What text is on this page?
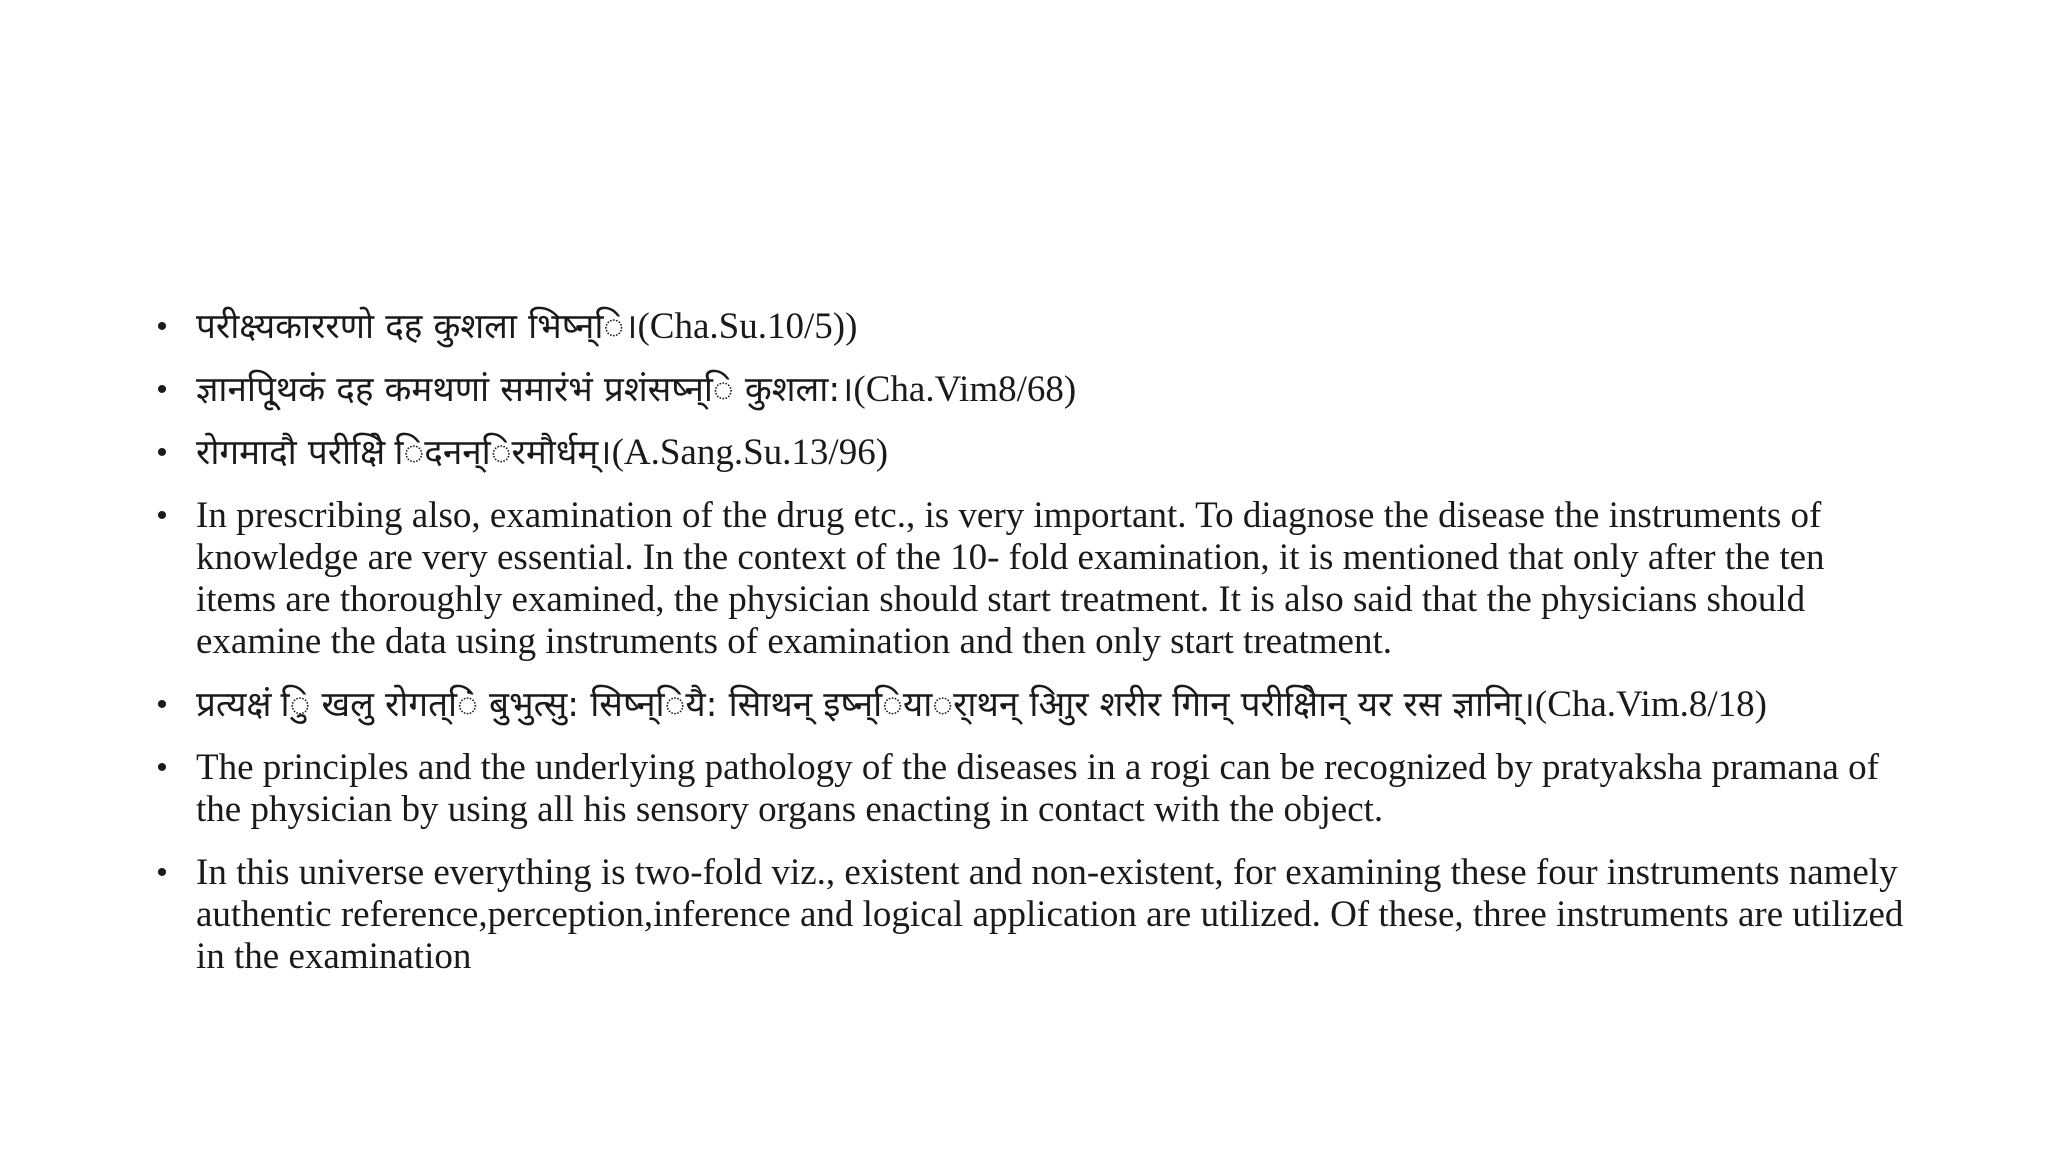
• परीक्ष्यकाररणो दह कुशला भिष्न्ि।(Cha.Su.10/5))
• ज्ञानपूि्थकं दह कमथणां समारंभं प्रशंसष्न्ि कुशला:।(Cha.Vim8/68)
• रोगमादौ परीक्षेि िदनन्िरमौर्धम्।(A.Sang.Su.13/96)
• In prescribing also, examination of the drug etc., is very important. To diagnose the disease the instruments of knowledge are very essential. In the context of the 10- fold examination, it is mentioned that only after the ten items are thoroughly examined, the physician should start treatment. It is also said that the physicians should examine the data using instruments of examination and then only start treatment.
• प्रत्यक्षं िु खलु रोगत्िं बुभुत्सु: सिष्न्ियै: सिाथन् इष्न्ियार्ाथन् आिुर शरीर गिान् परीक्षेिान् यर रस ज्ञानाि्।(Cha.Vim.8/18)
• The principles and the underlying pathology of the diseases in a rogi can be recognized by pratyaksha pramana of the physician by using all his sensory organs enacting in contact with the object.
• In this universe everything is two-fold viz., existent and non-existent, for examining these four instruments namely authentic reference,perception,inference and logical application are utilized. Of these, three instruments are utilized in the examination
